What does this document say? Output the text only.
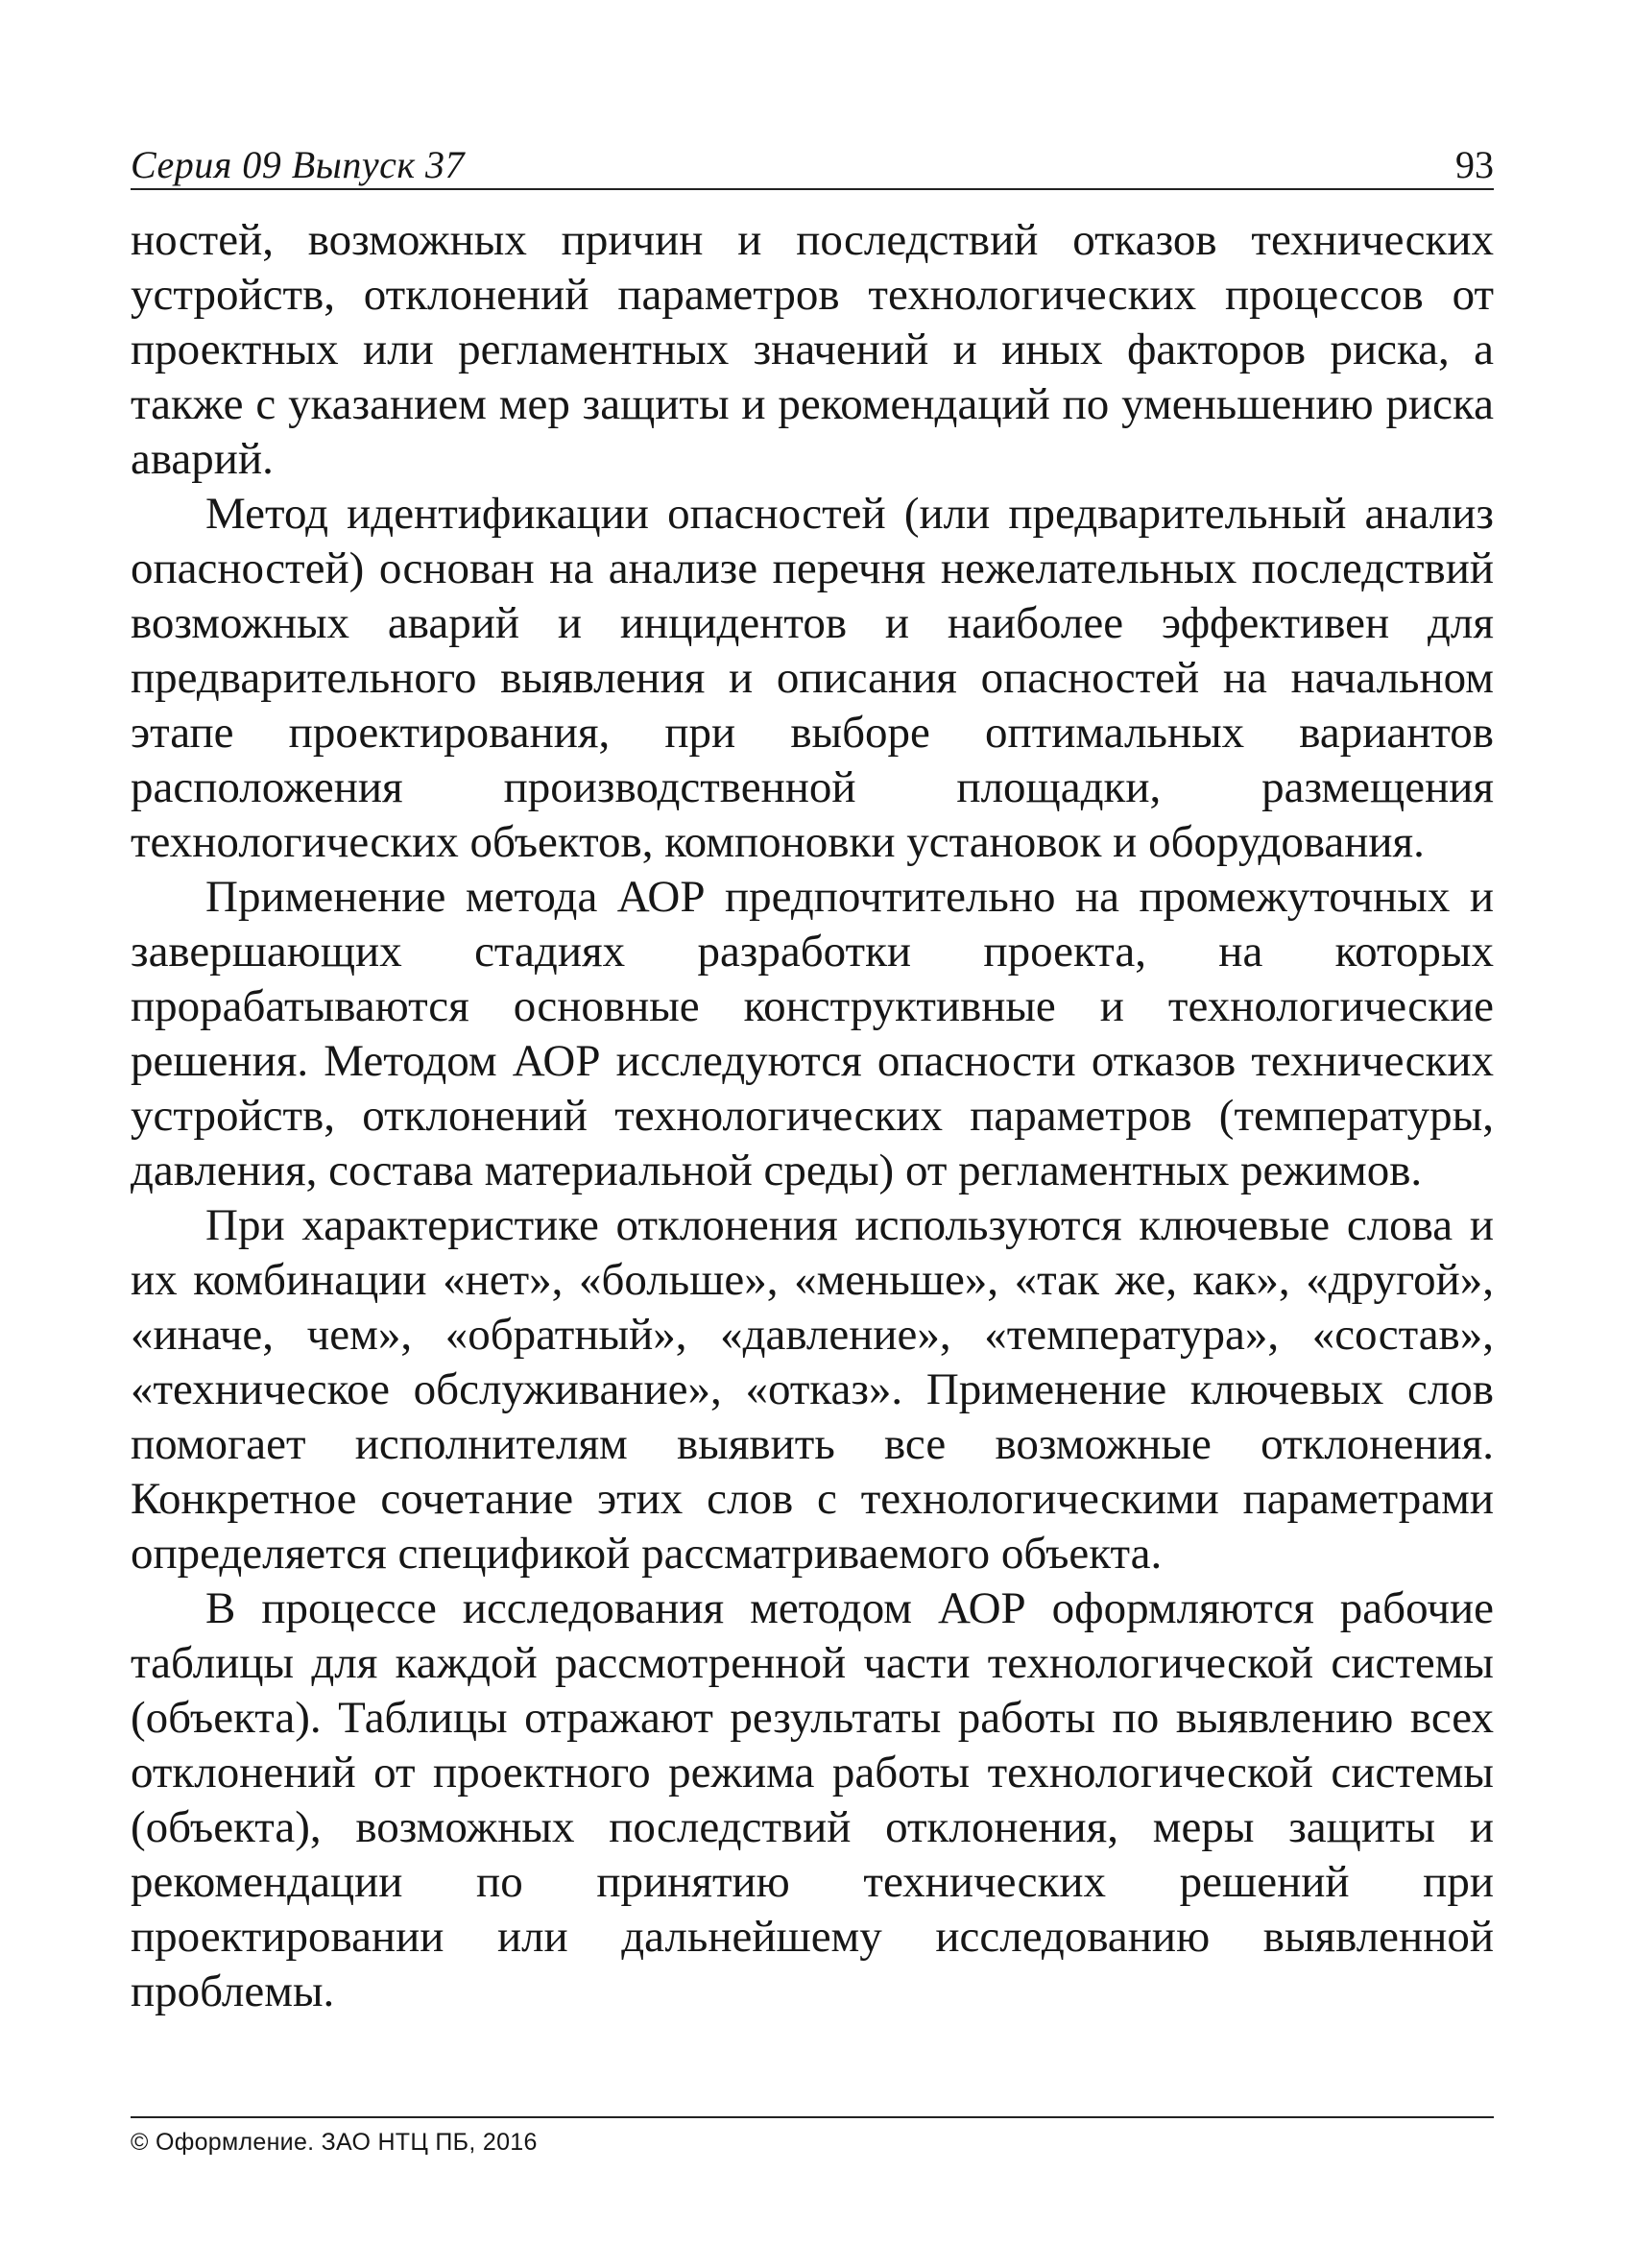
Серия 09 Выпуск 37	93

ностей, возможных причин и последствий отказов технических устройств, отклонений параметров технологических процессов от проектных или регламентных значений и иных факторов риска, а также с указанием мер защиты и рекомендаций по уменьшению риска аварий.

Метод идентификации опасностей (или предварительный анализ опасностей) основан на анализе перечня нежелательных последствий возможных аварий и инцидентов и наиболее эффективен для предварительного выявления и описания опасностей на начальном этапе проектирования, при выборе оптимальных вариантов расположения производственной площадки, размещения технологических объектов, компоновки установок и оборудования.

Применение метода АОР предпочтительно на промежуточных и завершающих стадиях разработки проекта, на которых прорабатываются основные конструктивные и технологические решения. Методом АОР исследуются опасности отказов технических устройств, отклонений технологических параметров (температуры, давления, состава материальной среды) от регламентных режимов.

При характеристике отклонения используются ключевые слова и их комбинации «нет», «больше», «меньше», «так же, как», «другой», «иначе, чем», «обратный», «давление», «температура», «состав», «техническое обслуживание», «отказ». Применение ключевых слов помогает исполнителям выявить все возможные отклонения. Конкретное сочетание этих слов с технологическими параметрами определяется спецификой рассматриваемого объекта.

В процессе исследования методом АОР оформляются рабочие таблицы для каждой рассмотренной части технологической системы (объекта). Таблицы отражают результаты работы по выявлению всех отклонений от проектного режима работы технологической системы (объекта), возможных последствий отклонения, меры защиты и рекомендации по принятию технических решений при проектировании или дальнейшему исследованию выявленной проблемы.

© Оформление. ЗАО НТЦ ПБ, 2016
